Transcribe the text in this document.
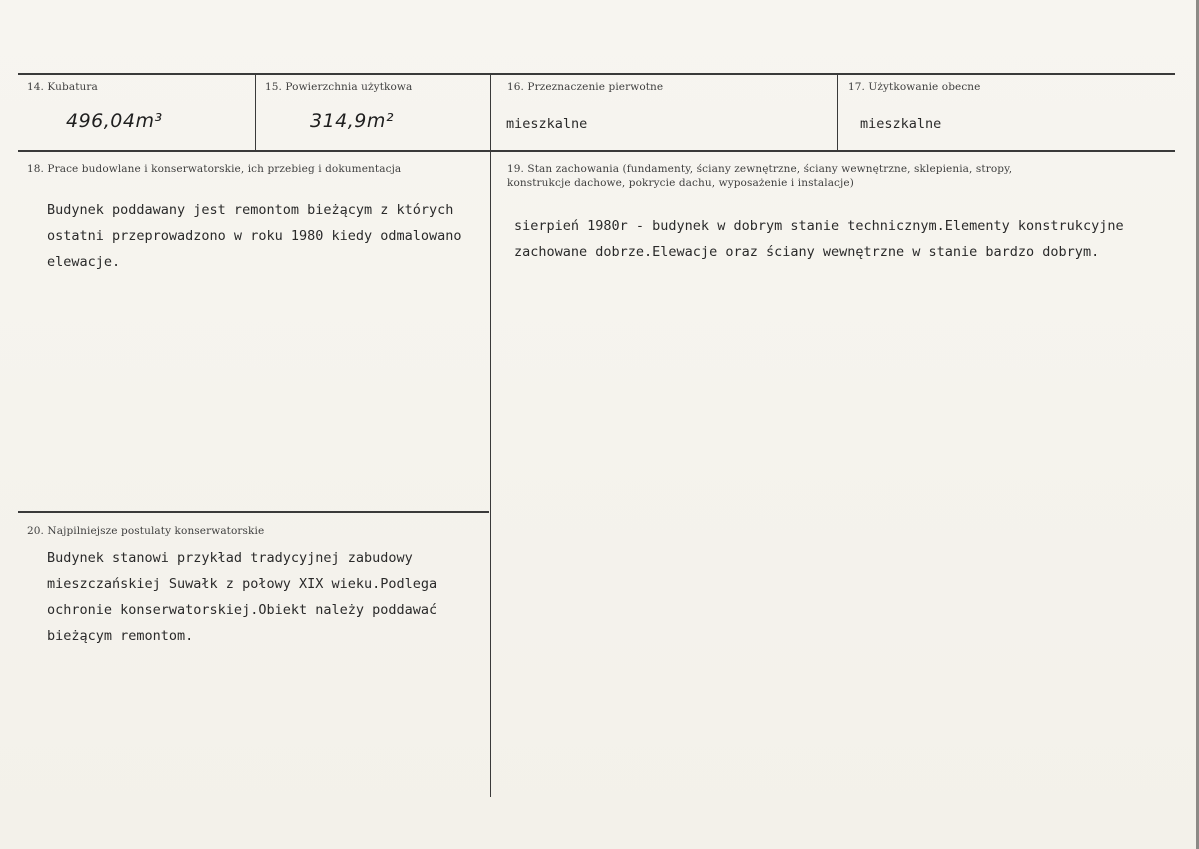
14. Kubatura
496,04m³
15. Powierzchnia użytkowa
314,9m²
16. Przeznaczenie pierwotne
mieszkalne
17. Użytkowanie obecne
mieszkalne
18. Prace budowlane i konserwatorskie, ich przebieg i dokumentacja
Budynek poddawany jest remontom bieżącym z których
ostatni przeprowadzono w roku 1980 kiedy odmalowano
elewacje.
19. Stan zachowania (fundamenty, ściany zewnętrzne, ściany wewnętrzne, sklepienia, stropy,
konstrukcje dachowe, pokrycie dachu, wyposażenie i instalacje)
sierpień 1980r - budynek w dobrym stanie technicznym.Elementy konstrukcyjne
zachowane dobrze.Elewacje oraz ściany wewnętrzne w stanie bardzo dobrym.
20. Najpilniejsze postulaty konserwatorskie
Budynek stanowi przykład tradycyjnej zabudowy
mieszczańskiej Suwałk z połowy XIX wieku.Podlega
ochronie konserwatorskiej.Obiekt należy poddawać
bieżącym remontom.
